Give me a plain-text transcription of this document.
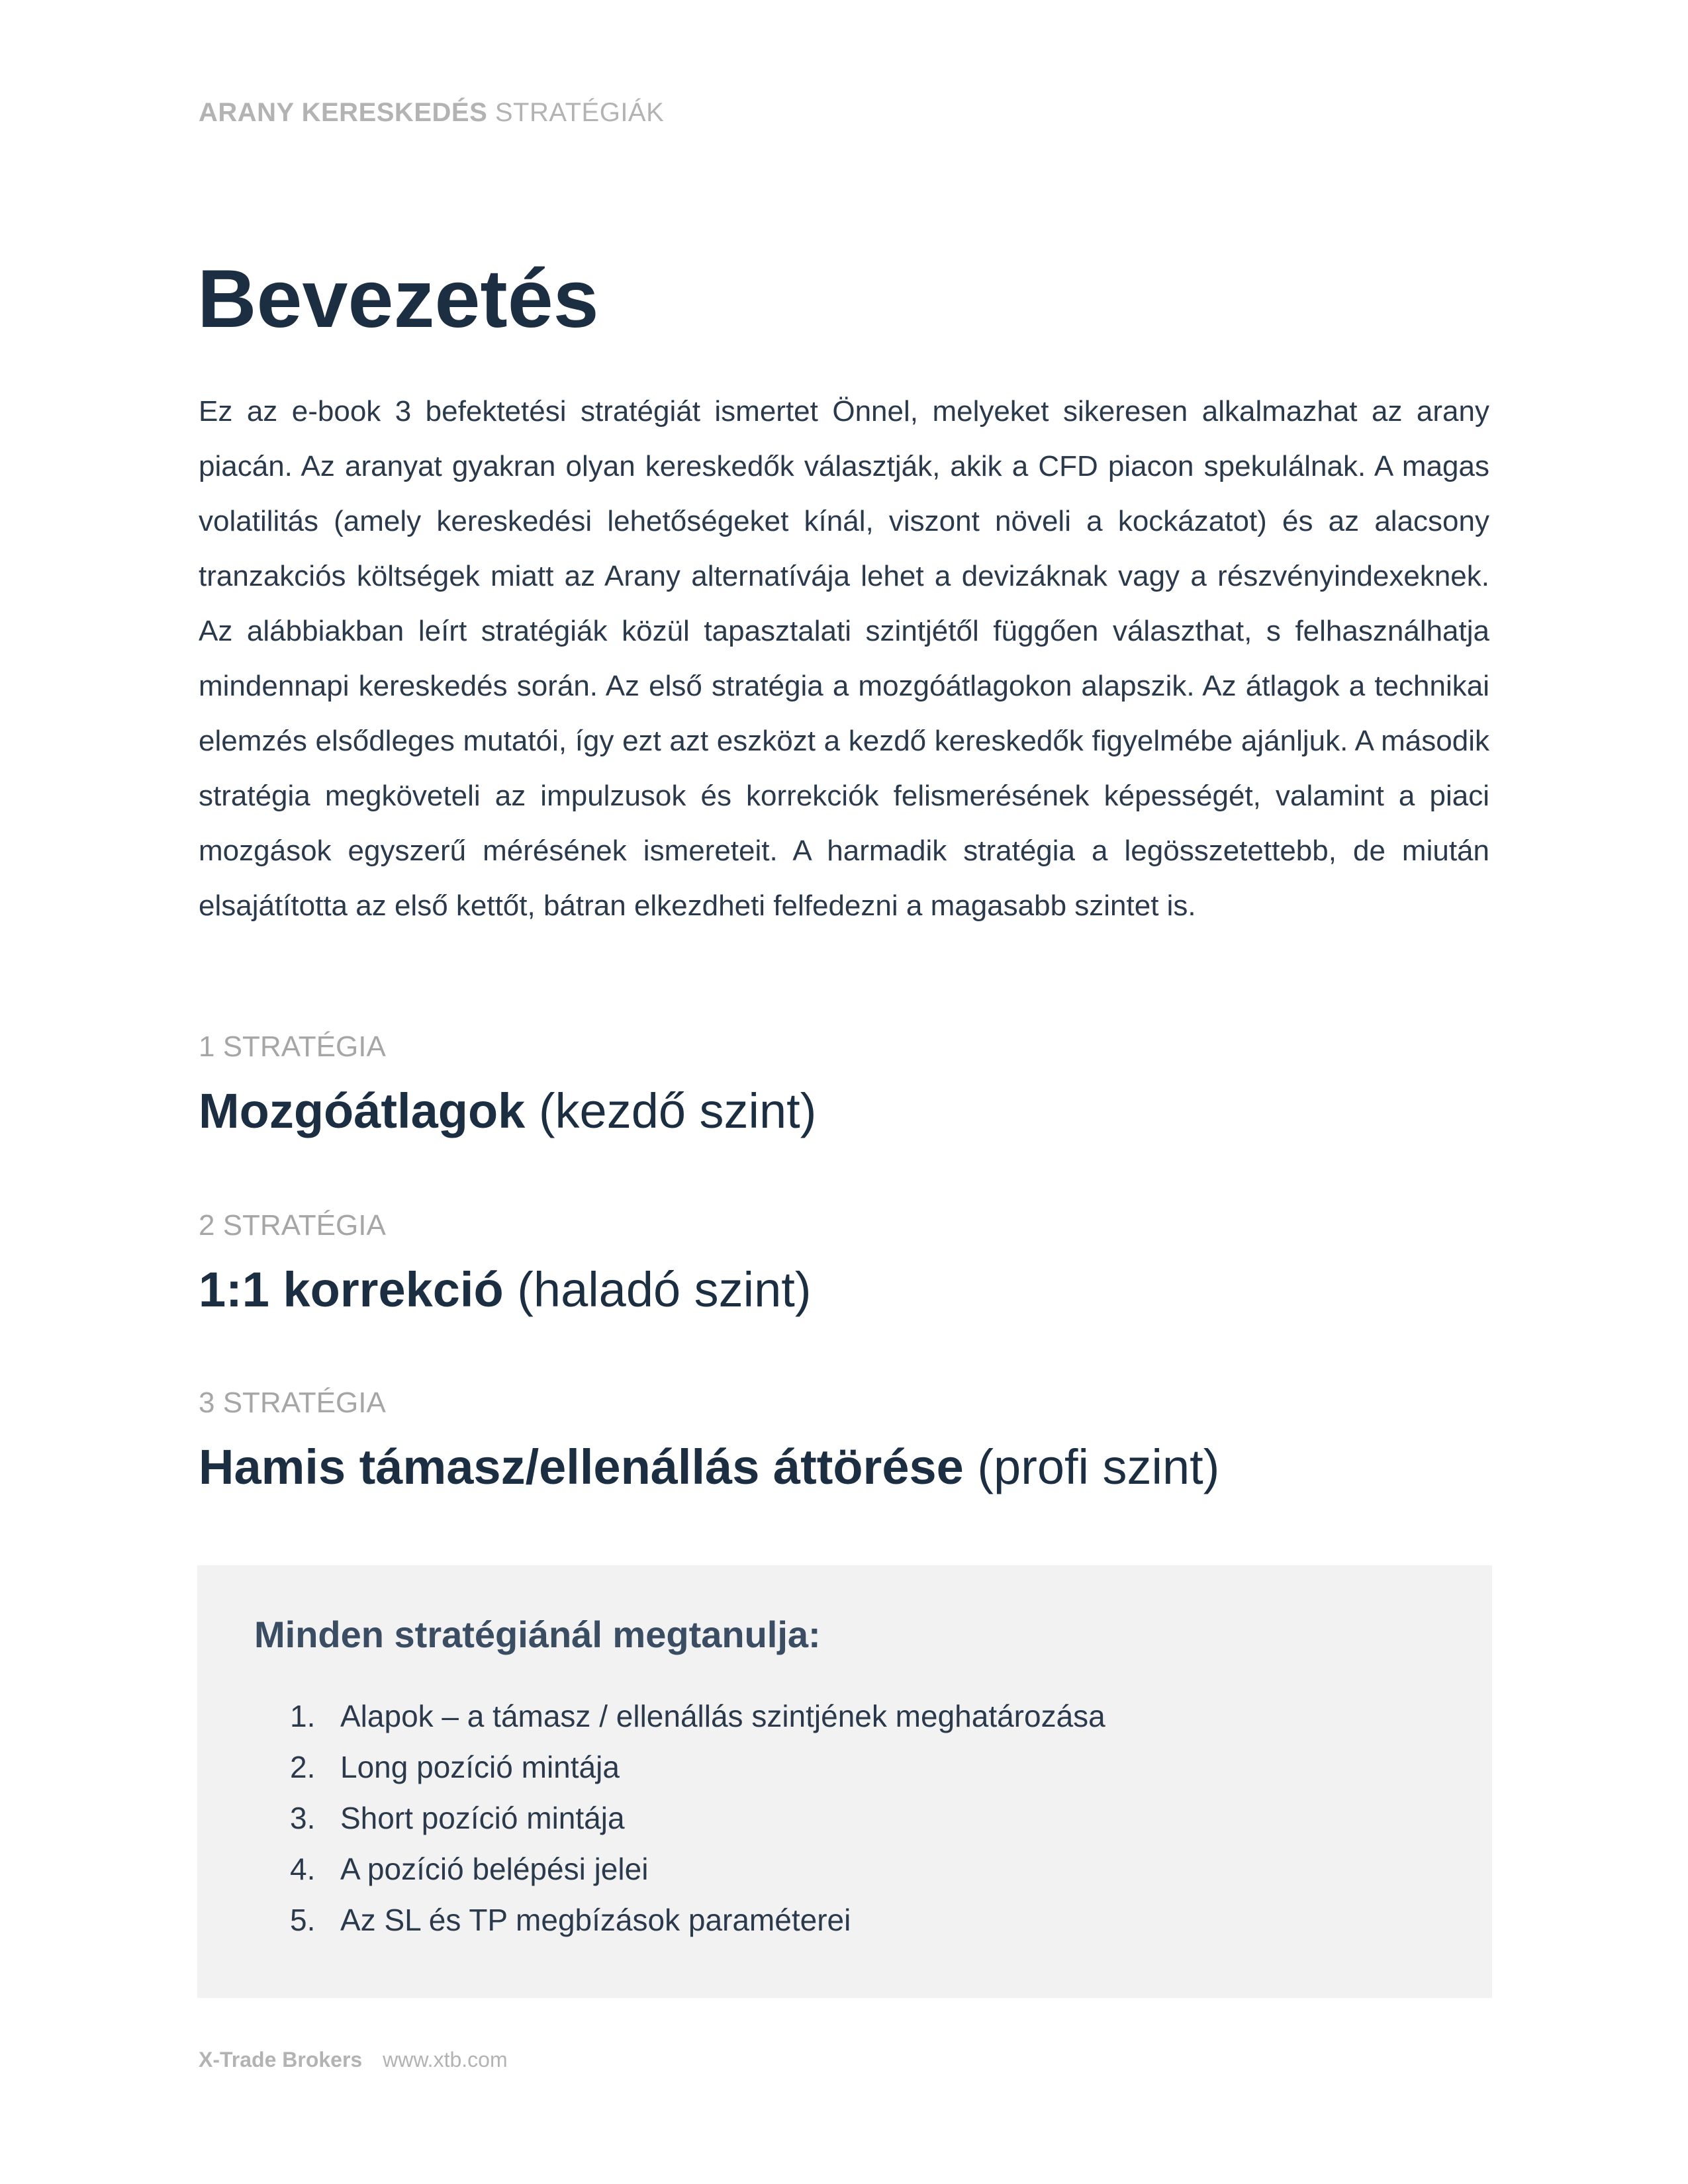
ARANY KERESKEDÉS STRATÉGIÁK
Bevezetés

Ez az e-book 3 befektetési stratégiát ismertet Önnel, melyeket sikeresen alkalmazhat az arany piacán. Az aranyat gyakran olyan kereskedők választják, akik a CFD piacon spekulálnak. A magas volatilitás (amely kereskedési lehetőségeket kínál, viszont növeli a kockázatot) és az alacsony tranzakciós költségek miatt az Arany alternatívája lehet a devizáknak vagy a részvényindexeknek. Az alábbiakban leírt stratégiák közül tapasztalati szintjétől függően választhat, s felhasználhatja mindennapi kereskedés során. Az első stratégia a mozgóátlagokon alapszik. Az átlagok a technikai elemzés elsődleges mutatói, így ezt azt eszközt a kezdő kereskedők figyelmébe ajánljuk. A második stratégia megköveteli az impulzusok és korrekciók felismerésének képességét, valamint a piaci mozgások egyszerű mérésének ismereteit. A harmadik stratégia a legösszetettebb, de miután elsajátította az első kettőt, bátran elkezdheti felfedezni a magasabb szintet is.

1 STRATÉGIA
Mozgóátlagok (kezdő szint)
2 STRATÉGIA
1:1 korrekció (haladó szint)
3 STRATÉGIA
Hamis támasz/ellenállás áttörése (profi szint)
Minden stratégiánál megtanulja:
1. Alapok – a támasz / ellenállás szintjének meghatározása
2. Long pozíció mintája
3. Short pozíció mintája
4. A pozíció belépési jelei
5. Az SL és TP megbízások paraméterei
X-Trade Brokers www.xtb.com
